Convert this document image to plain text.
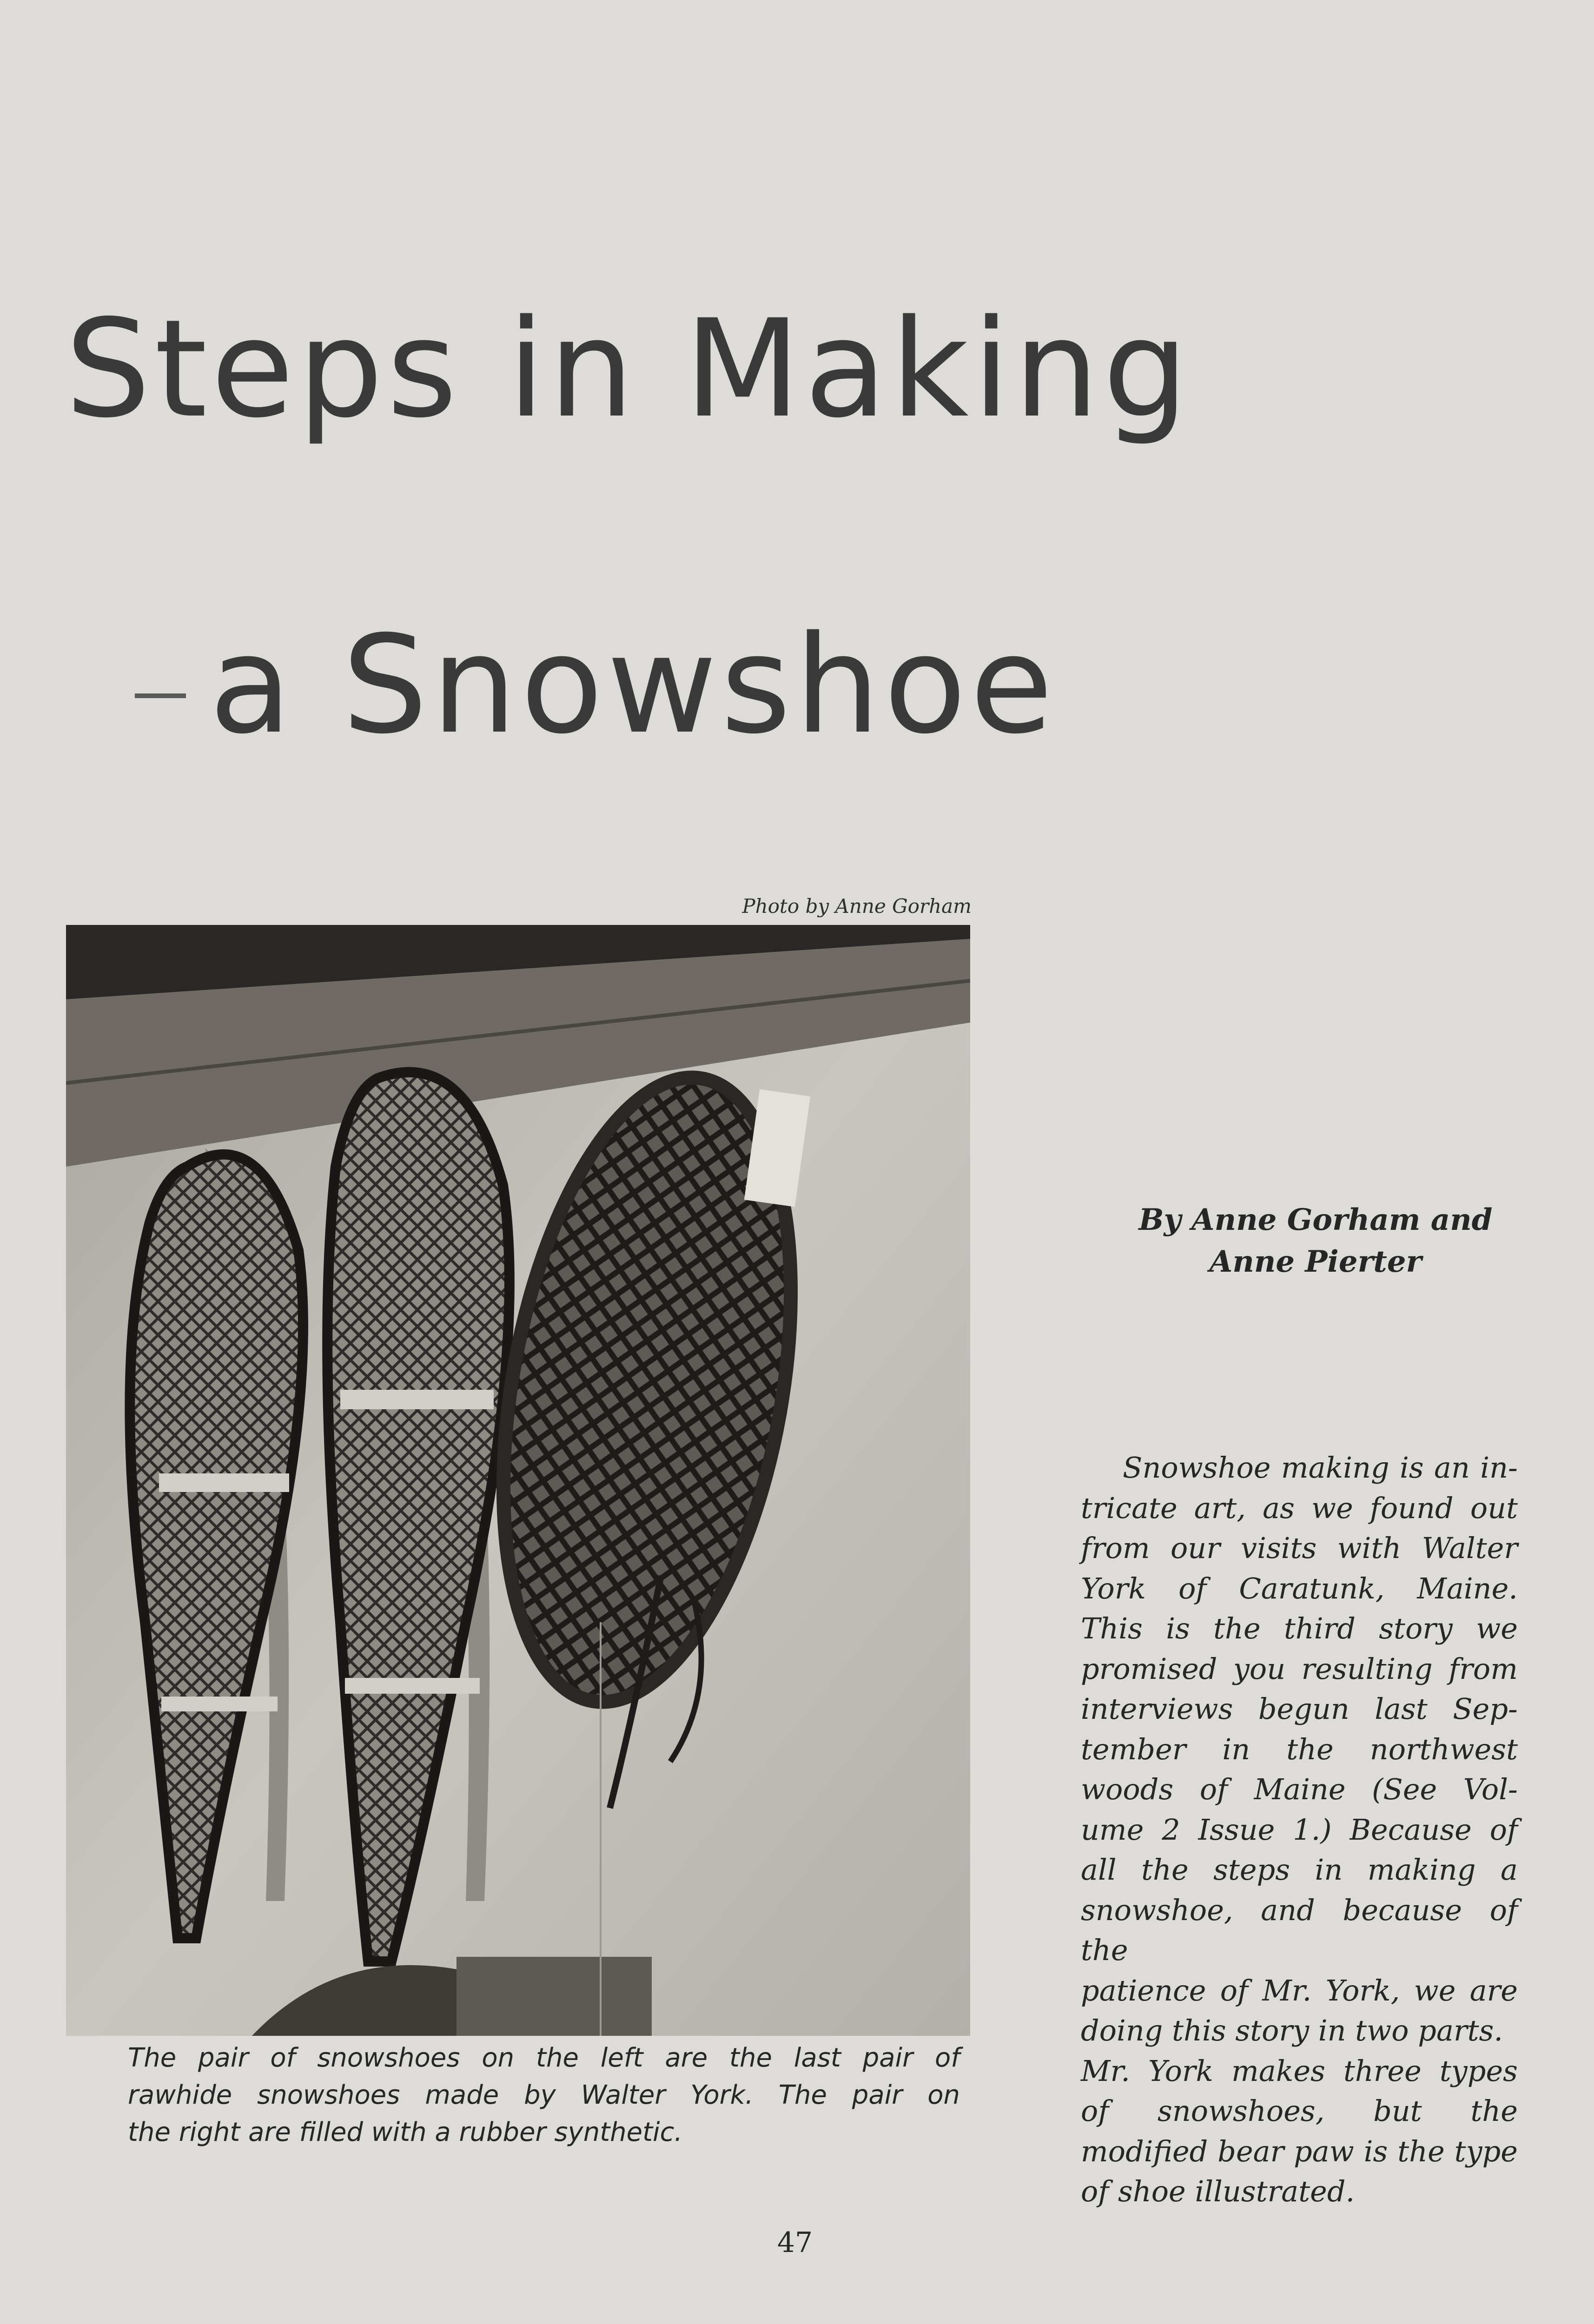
Steps in Making
a Snowshoe
Photo by Anne Gorham

The pair of snowshoes on the left are the last pair of
rawhide snowshoes made by Walter York. The pair on
the right are filled with a rubber synthetic.

By Anne Gorham and
Anne Pierter
Snowshoe making is an in-
tricate art, as we found out
from our visits with Walter
York of Caratunk, Maine.
This is the third story we
promised you resulting from
interviews begun last Sep-
tember in the northwest
woods of Maine (See Vol-
ume 2 Issue 1.) Because of
all the steps in making a
snowshoe, and because of the
patience of Mr. York, we are
doing this story in two parts.
Mr. York makes three types
of snowshoes, but the
modified bear paw is the type
of shoe illustrated.
47
